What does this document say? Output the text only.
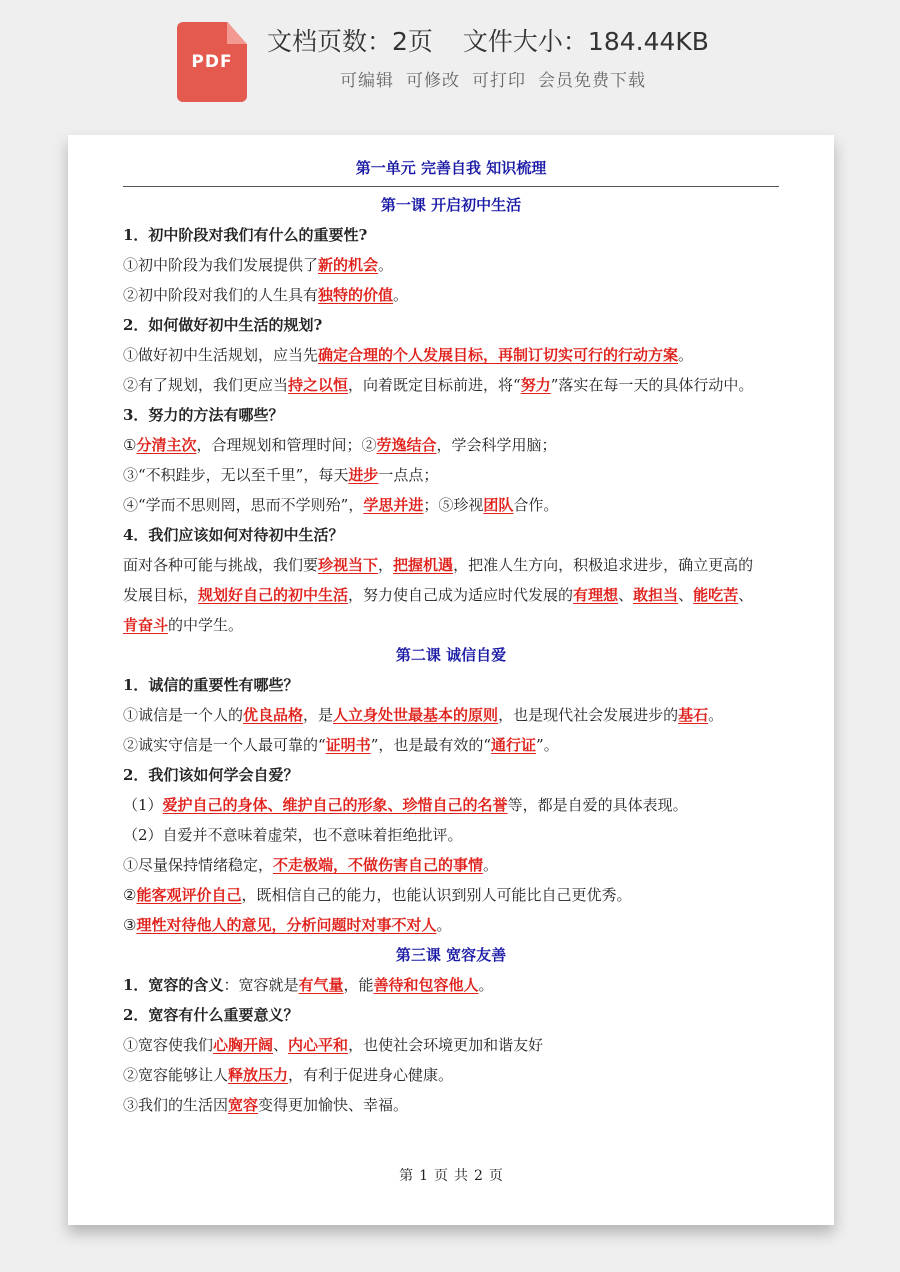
PDF
文档页数：2页 文件大小：184.44KB
可编辑 可修改 可打印 会员免费下载
第一单元 完善自我 知识梳理
第一课 开启初中生活
1．初中阶段对我们有什么的重要性?
①初中阶段为我们发展提供了新的机会。
②初中阶段对我们的人生具有独特的价值。
2．如何做好初中生活的规划?
①做好初中生活规划，应当先确定合理的个人发展目标，再制订切实可行的行动方案。
②有了规划，我们更应当持之以恒，向着既定目标前进，将“努力”落实在每一天的具体行动中。
3．努力的方法有哪些？
①分清主次，合理规划和管理时间；②劳逸结合，学会科学用脑；
③“不积跬步，无以至千里”，每天进步一点点；
④“学而不思则罔，思而不学则殆”，学思并进；⑤珍视团队合作。
4．我们应该如何对待初中生活？
面对各种可能与挑战，我们要珍视当下，把握机遇，把准人生方向，积极追求进步，确立更高的
发展目标，规划好自己的初中生活，努力使自己成为适应时代发展的有理想、敢担当、能吃苦、
肯奋斗的中学生。
第二课 诚信自爱
1．诚信的重要性有哪些？
①诚信是一个人的优良品格，是人立身处世最基本的原则，也是现代社会发展进步的基石。
②诚实守信是一个人最可靠的“证明书”，也是最有效的“通行证”。
2．我们该如何学会自爱？
（1）爱护自己的身体、维护自己的形象、珍惜自己的名誉等，都是自爱的具体表现。
（2）自爱并不意味着虚荣，也不意味着拒绝批评。
①尽量保持情绪稳定，不走极端，不做伤害自己的事情。
②能客观评价自己，既相信自己的能力，也能认识到别人可能比自己更优秀。
③理性对待他人的意见，分析问题时对事不对人。
第三课 宽容友善
1．宽容的含义：宽容就是有气量，能善待和包容他人。
2．宽容有什么重要意义？
①宽容使我们心胸开阔、内心平和，也使社会环境更加和谐友好
②宽容能够让人释放压力，有利于促进身心健康。
③我们的生活因宽容变得更加愉快、幸福。
第 1 页 共 2 页
